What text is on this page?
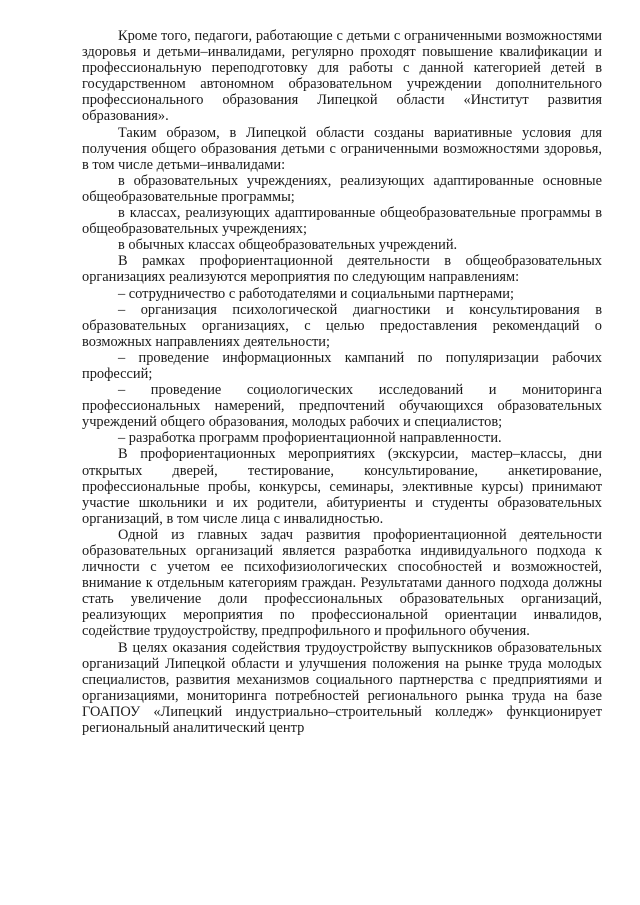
Кроме того, педагоги, работающие с детьми с ограниченными возможностями здоровья и детьми–инвалидами, регулярно проходят повышение квалификации и профессиональную переподготовку для работы с данной категорией детей в государственном автономном образовательном учреждении дополнительного профессионального образования Липецкой области «Институт развития образования».

Таким образом, в Липецкой области созданы вариативные условия для получения общего образования детьми с ограниченными возможностями здоровья, в том числе детьми–инвалидами:

в образовательных учреждениях, реализующих адаптированные основные общеобразовательные программы;

в классах, реализующих адаптированные общеобразовательные программы в общеобразовательных учреждениях;

в обычных классах общеобразовательных учреждений.

В рамках профориентационной деятельности в общеобразовательных организациях реализуются мероприятия по следующим направлениям:

– сотрудничество с работодателями и социальными партнерами;

– организация психологической диагностики и консультирования в образовательных организациях, с целью предоставления рекомендаций о возможных направлениях деятельности;

– проведение информационных кампаний по популяризации рабочих профессий;

– проведение социологических исследований и мониторинга профессиональных намерений, предпочтений обучающихся образовательных учреждений общего образования, молодых рабочих и специалистов;

– разработка программ профориентационной направленности.

В профориентационных мероприятиях (экскурсии, мастер–классы, дни открытых дверей, тестирование, консультирование, анкетирование, профессиональные пробы, конкурсы, семинары, элективные курсы) принимают участие школьники и их родители, абитуриенты и студенты образовательных организаций, в том числе лица с инвалидностью.

Одной из главных задач развития профориентационной деятельности образовательных организаций является разработка индивидуального подхода к личности с учетом ее психофизиологических способностей и возможностей, внимание к отдельным категориям граждан. Результатами данного подхода должны стать увеличение доли профессиональных образовательных организаций, реализующих мероприятия по профессиональной ориентации инвалидов, содействие трудоустройству, предпрофильного и профильного обучения.

В целях оказания содействия трудоустройству выпускников образовательных организаций Липецкой области и улучшения положения на рынке труда молодых специалистов, развития механизмов социального партнерства с предприятиями и организациями, мониторинга потребностей регионального рынка труда на базе ГОАПОУ «Липецкий индустриально–строительный колледж» функционирует региональный аналитический центр
